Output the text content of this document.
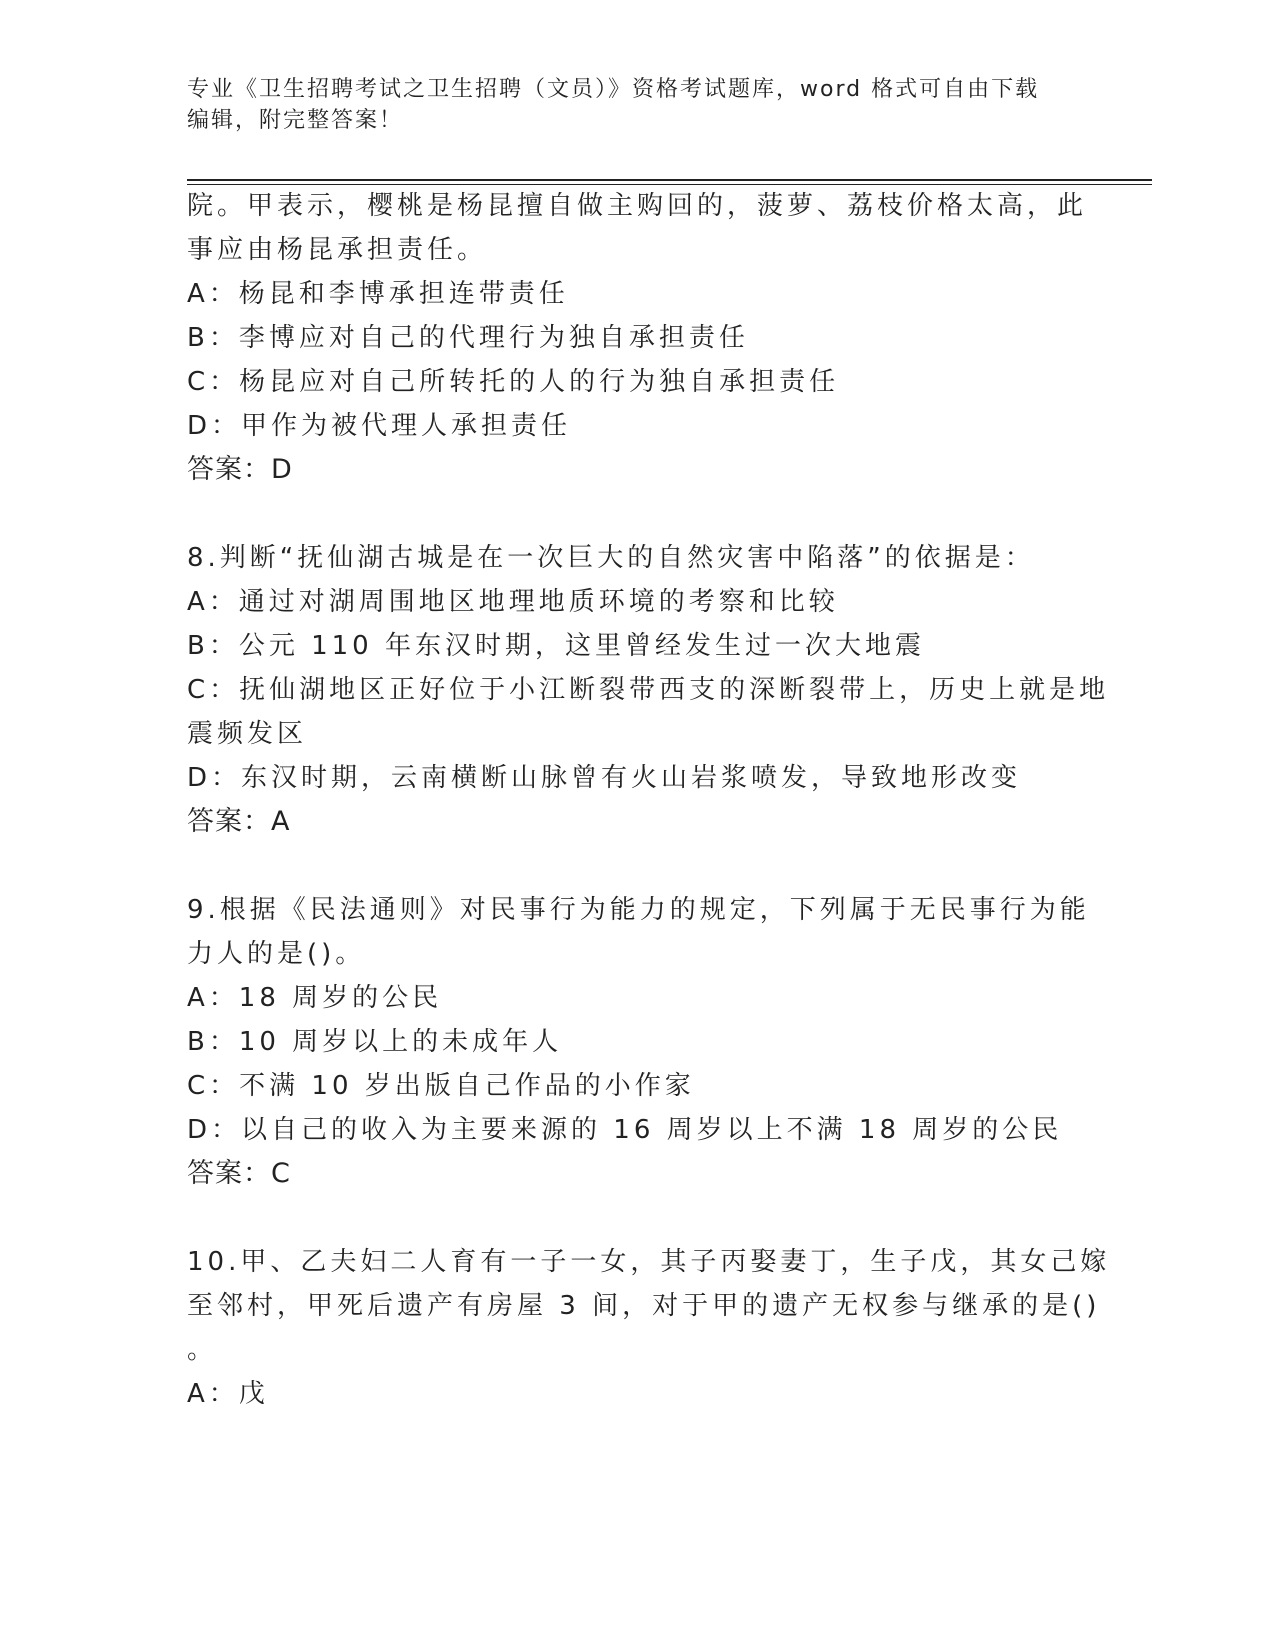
专业《卫生招聘考试之卫生招聘（文员）》资格考试题库，word 格式可自由下载
编辑，附完整答案！
院。甲表示，樱桃是杨昆擅自做主购回的，菠萝、荔枝价格太高，此
事应由杨昆承担责任。
A：杨昆和李博承担连带责任
B：李博应对自己的代理行为独自承担责任
C：杨昆应对自己所转托的人的行为独自承担责任
D：甲作为被代理人承担责任
答案：D
8.判断“抚仙湖古城是在一次巨大的自然灾害中陷落”的依据是：
A：通过对湖周围地区地理地质环境的考察和比较
B：公元 110 年东汉时期，这里曾经发生过一次大地震
C：抚仙湖地区正好位于小江断裂带西支的深断裂带上，历史上就是地
震频发区
D：东汉时期，云南横断山脉曾有火山岩浆喷发，导致地形改变
答案：A
9.根据《民法通则》对民事行为能力的规定，下列属于无民事行为能
力人的是()。
A：18 周岁的公民
B：10 周岁以上的未成年人
C：不满 10 岁出版自己作品的小作家
D：以自己的收入为主要来源的 16 周岁以上不满 18 周岁的公民
答案：C
10.甲、乙夫妇二人育有一子一女，其子丙娶妻丁，生子戊，其女己嫁
至邻村，甲死后遗产有房屋 3 间，对于甲的遗产无权参与继承的是()
。
A：戊
